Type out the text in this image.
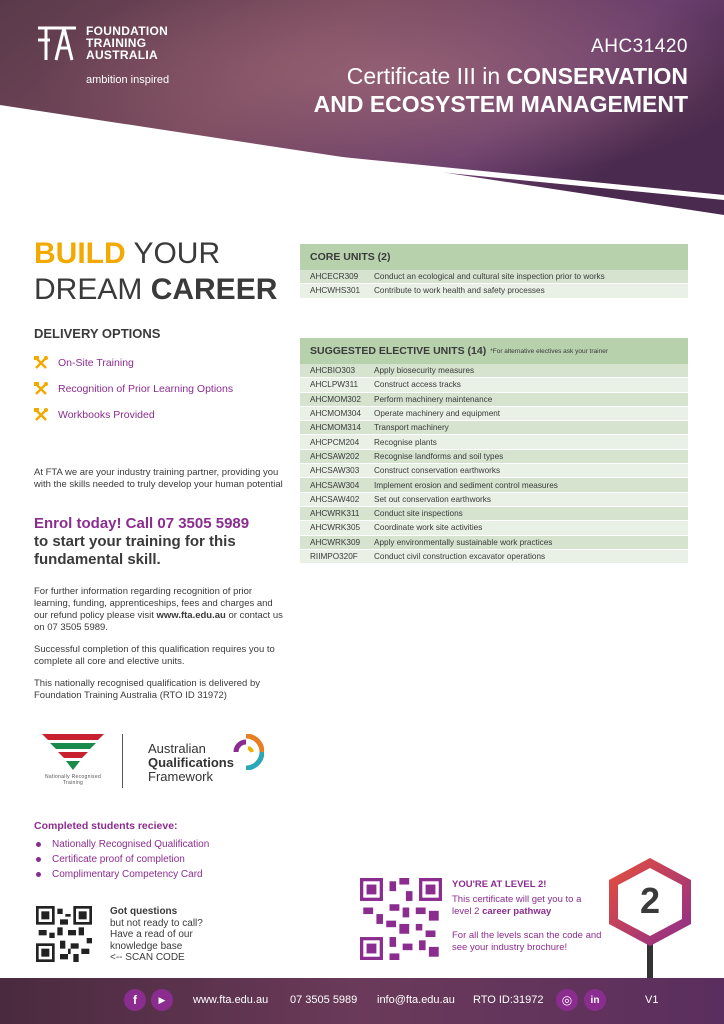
FOUNDATION
TRAINING
AUSTRALIA
ambition inspired
AHC31420
Certificate III in CONSERVATION
AND ECOSYSTEM MANAGEMENT
BUILD YOUR
DREAM CAREER
DELIVERY OPTIONS
On-Site Training
Recognition of Prior Learning Options
Workbooks Provided
At FTA we are your industry training partner, providing you with the skills needed to truly develop your human potential
Enrol today! Call 07 3505 5989
to start your training for this fundamental skill.
For further information regarding recognition of prior learning, funding, apprenticeships, fees and charges and our refund policy please visit www.fta.edu.au or contact us on 07 3505 5989.
Successful completion of this qualification requires you to complete all core and elective units.
This nationally recognised qualification is delivered by Foundation Training Australia (RTO ID 31972)
Nationally Recognised
Training
Australian
Qualifications
Framework
Completed students recieve:
Nationally Recognised Qualification
Certificate proof of completion
Complimentary Competency Card
Got questions
but not ready to call?
Have a read of our
knowledge base
<-- SCAN CODE
CORE UNITS (2)
AHCECR309	Conduct an ecological and cultural site inspection prior to works
AHCWHS301	Contribute to work health and safety processes
SUGGESTED ELECTIVE UNITS (14) *For alternative electives ask your trainer
AHCBIO303	Apply biosecurity measures
AHCLPW311	Construct access tracks
AHCMOM302	Perform machinery maintenance
AHCMOM304	Operate machinery and equipment
AHCMOM314	Transport machinery
AHCPCM204	Recognise plants
AHCSAW202	Recognise landforms and soil types
AHCSAW303	Construct conservation earthworks
AHCSAW304	Implement erosion and sediment control measures
AHCSAW402	Set out conservation earthworks
AHCWRK311	Conduct site inspections
AHCWRK305	Coordinate work site activities
AHCWRK309	Apply environmentally sustainable work practices
RIIMPO320F	Conduct civil construction excavator operations
YOU'RE AT LEVEL 2!
This certificate will get you to a level 2 career pathway
For all the levels scan the code and see your industry brochure!
2
f	▶	www.fta.edu.au 07 3505 5989 info@fta.edu.au RTO ID:31972	◎	in	V1
